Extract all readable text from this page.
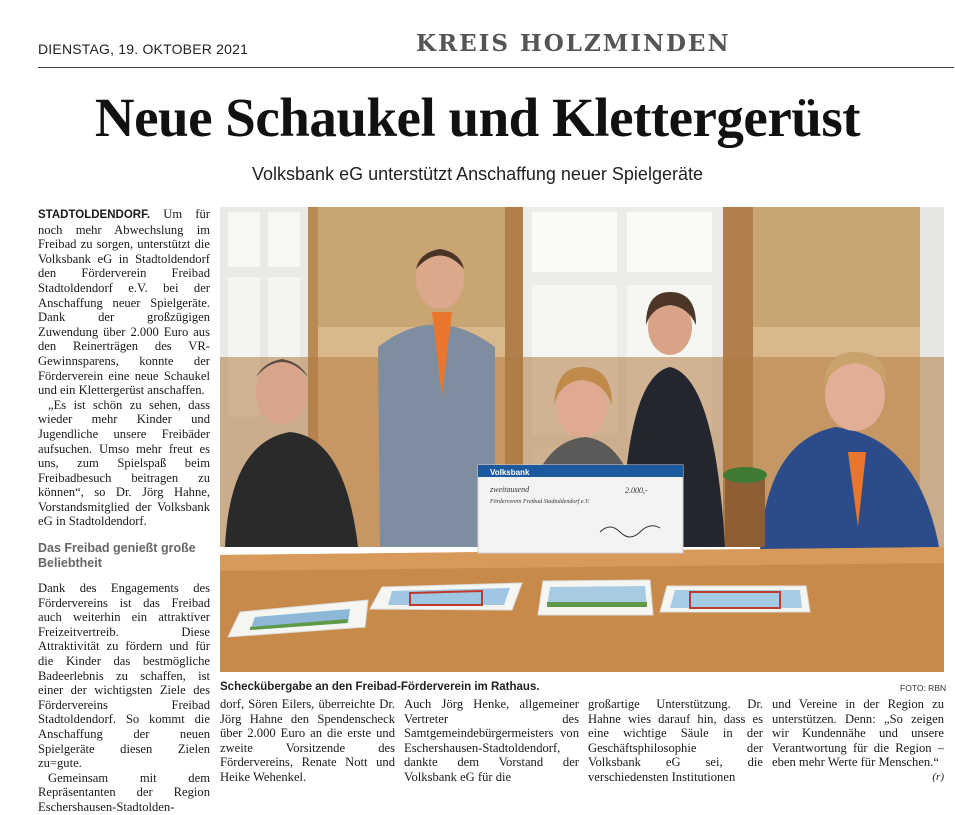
DIENSTAG, 19. OKTOBER 2021	KREIS HOLZMINDEN
Neue Schaukel und Klettergerüst
Volksbank eG unterstützt Anschaffung neuer Spielgeräte

STADTOLDENDORF. Um für noch mehr Abwechslung im Freibad zu sorgen, unterstützt die Volksbank eG in Stadtoldendorf den Förderverein Freibad Stadtoldendorf e.V. bei der Anschaffung neuer Spielgeräte. Dank der großzügigen Zuwendung über 2.000 Euro aus den Reinerträgen des VR-Gewinnsparens, konnte der Förderverein eine neue Schaukel und ein Klettergerüst anschaffen.

„Es ist schön zu sehen, dass wieder mehr Kinder und Jugendliche unsere Freibäder aufsuchen. Umso mehr freut es uns, zum Spielspaß beim Freibadbesuch beitragen zu können“, so Dr. Jörg Hahne, Vorstandsmitglied der Volksbank eG in Stadtoldendorf.

Das Freibad genießt große Beliebtheit

Dank des Engagements des Fördervereins ist das Freibad auch weiterhin ein attraktiver Freizeitvertreib. Diese Attraktivität zu fördern und für die Kinder das bestmögliche Badeerlebnis zu schaffen, ist einer der wichtigsten Ziele des Fördervereins Freibad Stadtoldendorf. So kommt die Anschaffung der neuen Spielgeräte diesen Zielen zu=gute.

Gemeinsam mit dem Repräsentanten der Region Eschershausen-Stadtolden-

Volksbank
zweitausend
Förderverein Freibad Stadtoldendorf e.V.
2.000,-
Scheckübergabe an den Freibad-Förderverein im Rathaus.	FOTO: RBN

dorf, Sören Eilers, überreichte Dr. Jörg Hahne den Spendenscheck über 2.000 Euro an die erste und zweite Vorsitzende des Fördervereins, Renate Nott und Heike Wehenkel.

Auch Jörg Henke, allgemeiner Vertreter des Samtgemeindebürgermeisters von Eschershausen-Stadtoldendorf, dankte dem Vorstand der Volksbank eG für die

großartige Unterstützung. Dr. Hahne wies darauf hin, dass es eine wichtige Säule in der Geschäftsphilosophie der Volksbank eG sei, die verschiedensten Institutionen

und Vereine in der Region zu unterstützen. Denn: „So zeigen wir Kundennähe und unsere Verantwortung für die Region – eben mehr Werte für Menschen.“
(r)
